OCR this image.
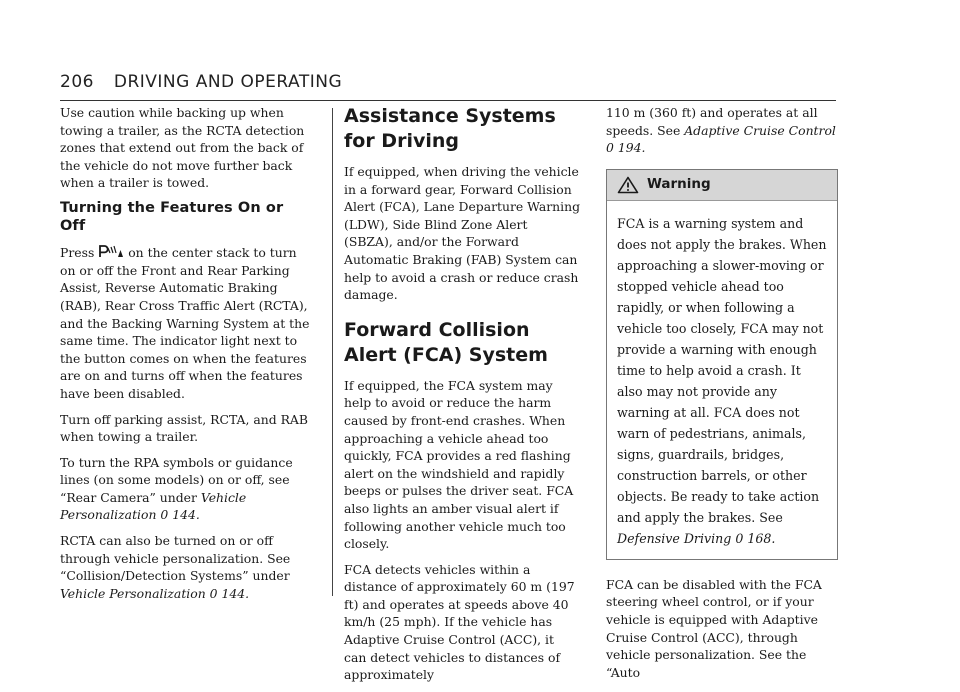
206 DRIVING AND OPERATING

Use caution while backing up when towing a trailer, as the RCTA detection zones that extend out from the back of the vehicle do not move further back when a trailer is towed.

Turning the Features On or Off

Press	on the center stack to turn on or off the Front and Rear Parking Assist, Reverse Automatic Braking (RAB), Rear Cross Traffic Alert (RCTA), and the Backing Warning System at the same time. The indicator light next to the button comes on when the features are on and turns off when the features have been disabled.

Turn off parking assist, RCTA, and RAB when towing a trailer.

To turn the RPA symbols or guidance lines (on some models) on or off, see “Rear Camera” under Vehicle Personalization 0 144.

RCTA can also be turned on or off through vehicle personalization. See “Collision/Detection Systems” under Vehicle Personalization 0 144.

Assistance Systems for Driving

If equipped, when driving the vehicle in a forward gear, Forward Collision Alert (FCA), Lane Departure Warning (LDW), Side Blind Zone Alert (SBZA), and/or the Forward Automatic Braking (FAB) System can help to avoid a crash or reduce crash damage.

Forward Collision Alert (FCA) System

If equipped, the FCA system may help to avoid or reduce the harm caused by front-end crashes. When approaching a vehicle ahead too quickly, FCA provides a red flashing alert on the windshield and rapidly beeps or pulses the driver seat. FCA also lights an amber visual alert if following another vehicle much too closely.

FCA detects vehicles within a distance of approximately 60 m (197 ft) and operates at speeds above 40 km/h (25 mph). If the vehicle has Adaptive Cruise Control (ACC), it can detect vehicles to distances of approximately

110 m (360 ft) and operates at all speeds. See Adaptive Cruise Control 0 194.

Warning
FCA is a warning system and does not apply the brakes. When approaching a slower-moving or stopped vehicle ahead too rapidly, or when following a vehicle too closely, FCA may not provide a warning with enough time to help avoid a crash. It also may not provide any warning at all. FCA does not warn of pedestrians, animals, signs, guardrails, bridges, construction barrels, or other objects. Be ready to take action and apply the brakes. See Defensive Driving 0 168.

FCA can be disabled with the FCA steering wheel control, or if your vehicle is equipped with Adaptive Cruise Control (ACC), through vehicle personalization. See the “Auto
